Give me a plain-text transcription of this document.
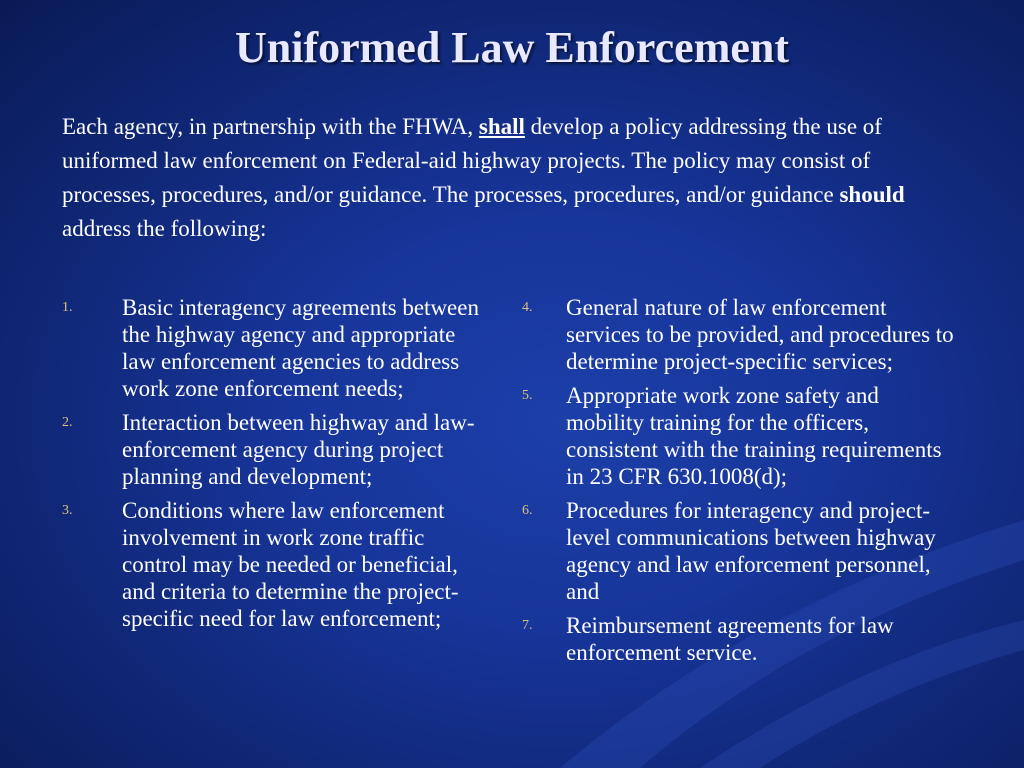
Uniformed Law Enforcement

Each agency, in partnership with the FHWA, shall develop a policy addressing the use of uniformed law enforcement on Federal-aid highway projects. The policy may consist of processes, procedures, and/or guidance. The processes, procedures, and/or guidance should address the following:

1. Basic interagency agreements between the highway agency and appropriate law enforcement agencies to address work zone enforcement needs;
2. Interaction between highway and law-enforcement agency during project planning and development;
3. Conditions where law enforcement involvement in work zone traffic control may be needed or beneficial, and criteria to determine the project-specific need for law enforcement;
4. General nature of law enforcement services to be provided, and procedures to determine project-specific services;
5. Appropriate work zone safety and mobility training for the officers, consistent with the training requirements in 23 CFR 630.1008(d);
6. Procedures for interagency and project-level communications between highway agency and law enforcement personnel, and
7. Reimbursement agreements for law enforcement service.
